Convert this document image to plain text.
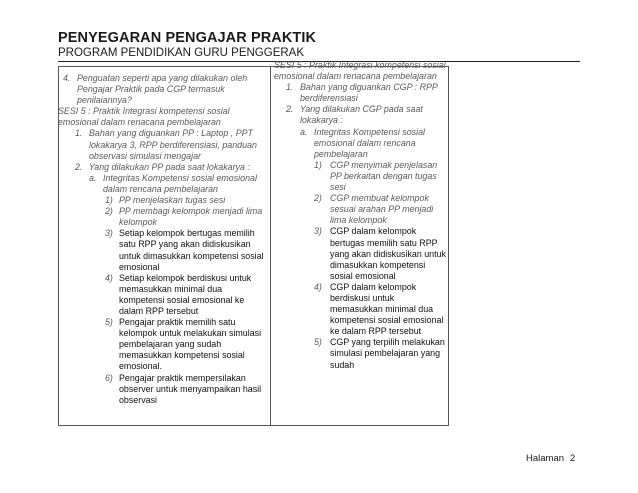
PENYEGARAN PENGAJAR PRAKTIK
PROGRAM PENDIDIKAN GURU PENGGERAK
4. Penguatan seperti apa yang dilakukan oleh Pengajar Praktik pada CGP termasuk penilaiannya?
SESI 5 : Praktik Integrasi kompetensi sosial emosional dalam renacana pembelajaran
1. Bahan yang diguankan PP : Laptop , PPT lokakarya 3, RPP berdiferensiasi, panduan observasi simulasi mengajar
2. Yang dilakukan PP pada saat lokakarya :
a. Integritas Kompetensi sosial emosional dalam rencana pembelajaran
1) PP menjelaskan tugas sesi
2) PP membagi kelompok menjadi lima kelompok
3) Setiap kelompok bertugas memilih satu RPP yang akan didiskusikan untuk dimasukkan kompetensi sosial emosional
4) Setiap kelompok berdiskusi untuk memasukkan minimal dua kompetensi sosial emosional ke dalam RPP tersebut
5) Pengajar praktik memilih satu kelompok untuk melakukan simulasi pembelajaran yang sudah memasukkan kompetensi sosial emosional.
6) Pengajar praktik mempersilakan observer untuk menyampaikan hasil observasi
SESI 5 : Praktik Integrasi kompetensi sosial emosional dalam renacana pembelajaran
1. Bahan yang diguankan CGP : RPP berdiferensiasi
2. Yang dilakukan CGP pada saat lokakarya :
a. Integritas Kompetensi sosial emosional dalam rencana pembelajaran
1) CGP menyimak penjelasan PP berkaitan dengan tugas sesi
2) CGP membuat kelompok sesuai arahan PP menjadi lima kelompok
3) CGP dalam kelompok bertugas memilih satu RPP yang akan didiskusikan untuk dimasukkan kompetensi sosial emosional
4) CGP dalam kelompok berdiskusi untuk memasukkan minimal dua kompetensi sosial emosional ke dalam RPP tersebut
5) CGP yang terpilih melakukan simulasi pembelajaran yang sudah
Halaman 2
